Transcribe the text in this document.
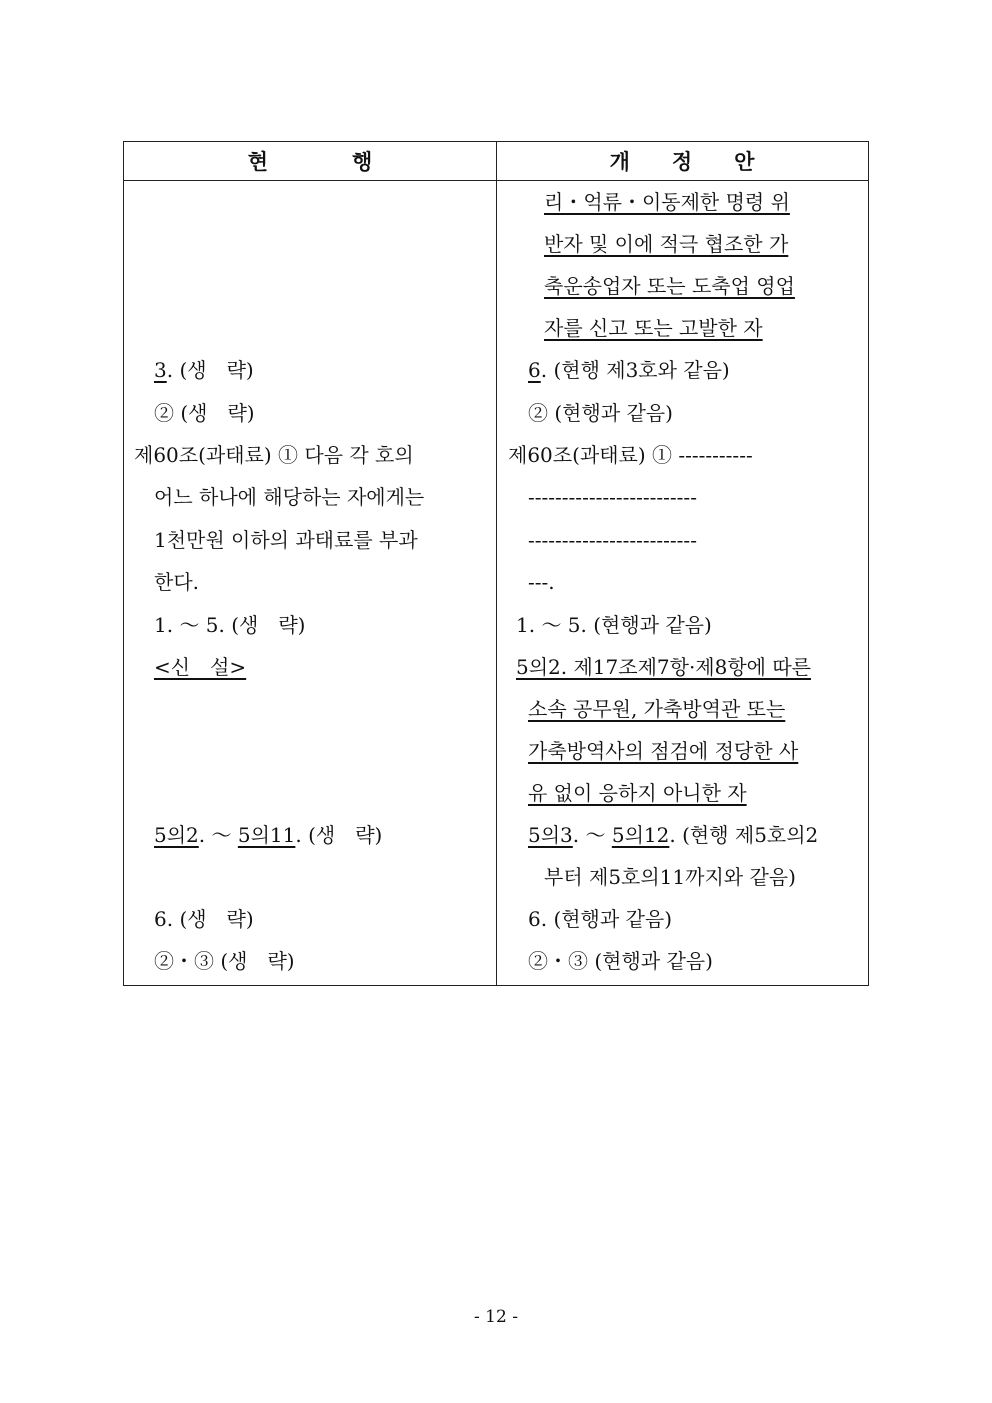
현　　　　행	개　　정　　안
3. (생　략)
② (생　략)
제60조(과태료) ① 다음 각 호의
어느 하나에 해당하는 자에게는
1천만원 이하의 과태료를 부과
한다.
1. ～ 5. (생　략)
<신　설>
5의2. ～ 5의11. (생　략)
6. (생　략)
②・③ (생　략)
리・억류・이동제한 명령 위
반자 및 이에 적극 협조한 가
축운송업자 또는 도축업 영업
자를 신고 또는 고발한 자
6. (현행 제3호와 같음)
② (현행과 같음)
제60조(과태료) ① -----------
-------------------------
-------------------------
---.
1. ～ 5. (현행과 같음)
5의2. 제17조제7항·제8항에 따른
소속 공무원, 가축방역관 또는
가축방역사의 점검에 정당한 사
유 없이 응하지 아니한 자
5의3. ～ 5의12. (현행 제5호의2
부터 제5호의11까지와 같음)
6. (현행과 같음)
②・③ (현행과 같음)
- 12 -
